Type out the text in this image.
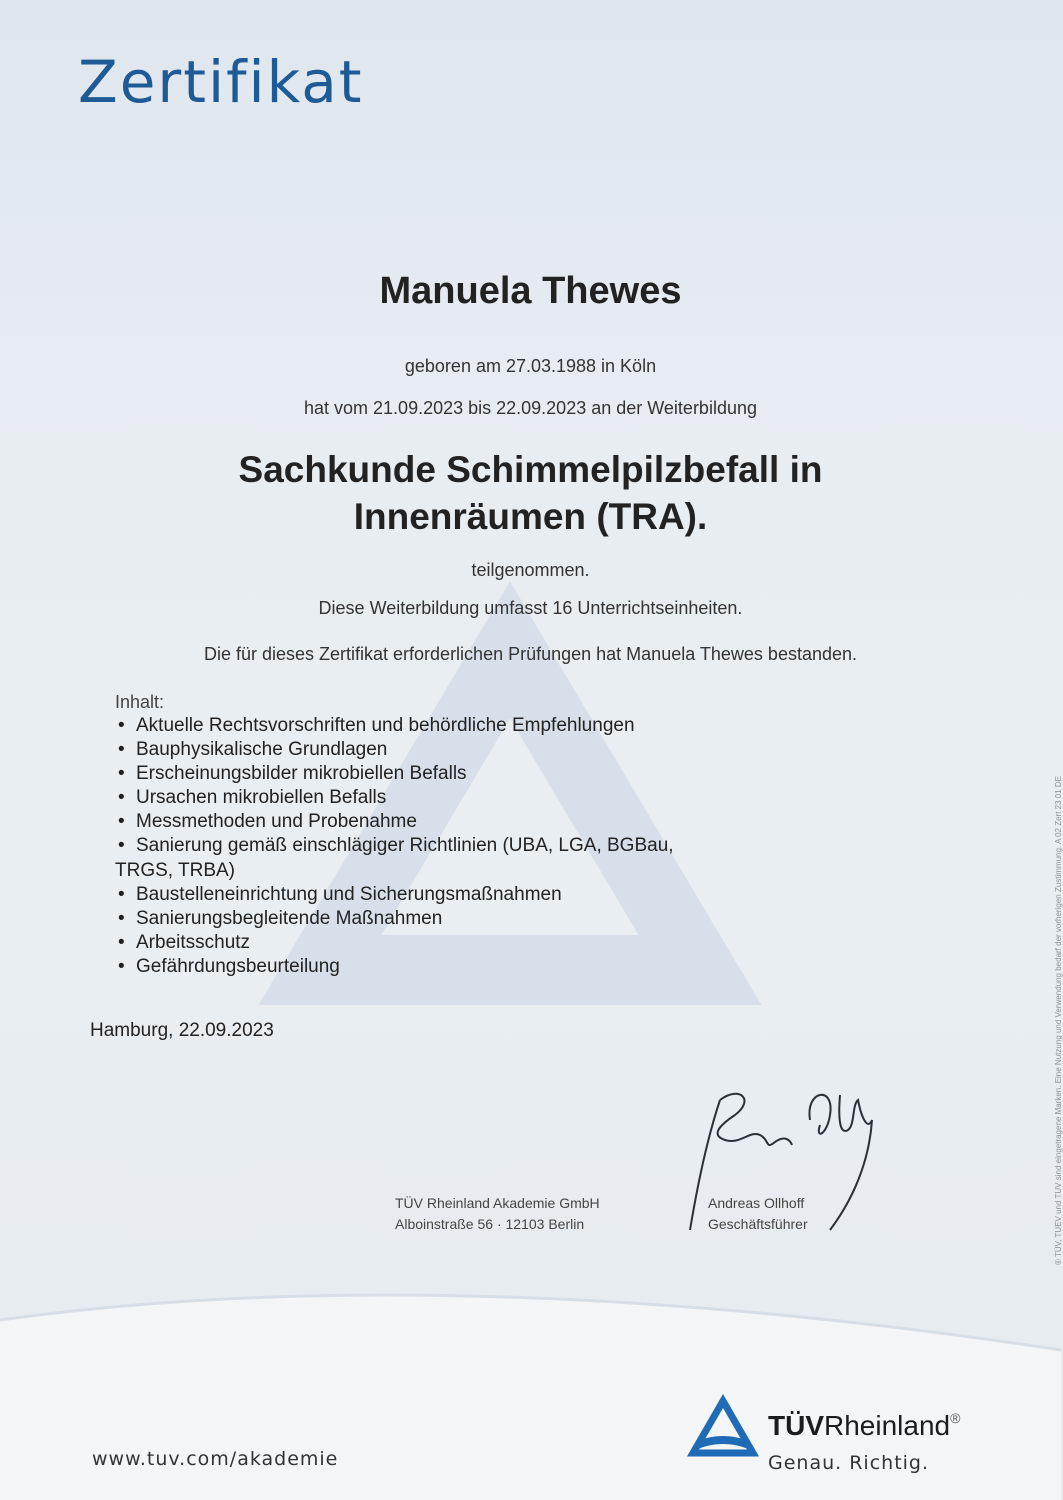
Zertifikat
Manuela Thewes
geboren am 27.03.1988 in Köln
hat vom 21.09.2023 bis 22.09.2023 an der Weiterbildung
Sachkunde Schimmelpilzbefall in
Innenräumen (TRA).
teilgenommen.
Diese Weiterbildung umfasst 16 Unterrichtseinheiten.
Die für dieses Zertifikat erforderlichen Prüfungen hat Manuela Thewes bestanden.
Inhalt:
• Aktuelle Rechtsvorschriften und behördliche Empfehlungen
• Bauphysikalische Grundlagen
• Erscheinungsbilder mikrobiellen Befalls
• Ursachen mikrobiellen Befalls
• Messmethoden und Probenahme
• Sanierung gemäß einschlägiger Richtlinien (UBA, LGA, BGBau,
TRGS, TRBA)
• Baustelleneinrichtung und Sicherungsmaßnahmen
• Sanierungsbegleitende Maßnahmen
• Arbeitsschutz
• Gefährdungsbeurteilung
Hamburg, 22.09.2023
TÜV Rheinland Akademie GmbH
Alboinstraße 56 · 12103 Berlin
Andreas Ollhoff
Geschäftsführer
www.tuv.com/akademie
TÜVRheinland®
Genau. Richtig.
® TÜV, TUEV und TUV sind eingetragene Marken. Eine Nutzung und Verwendung bedarf der vorherigen Zustimmung. A 02 Zert 23 01 DE
